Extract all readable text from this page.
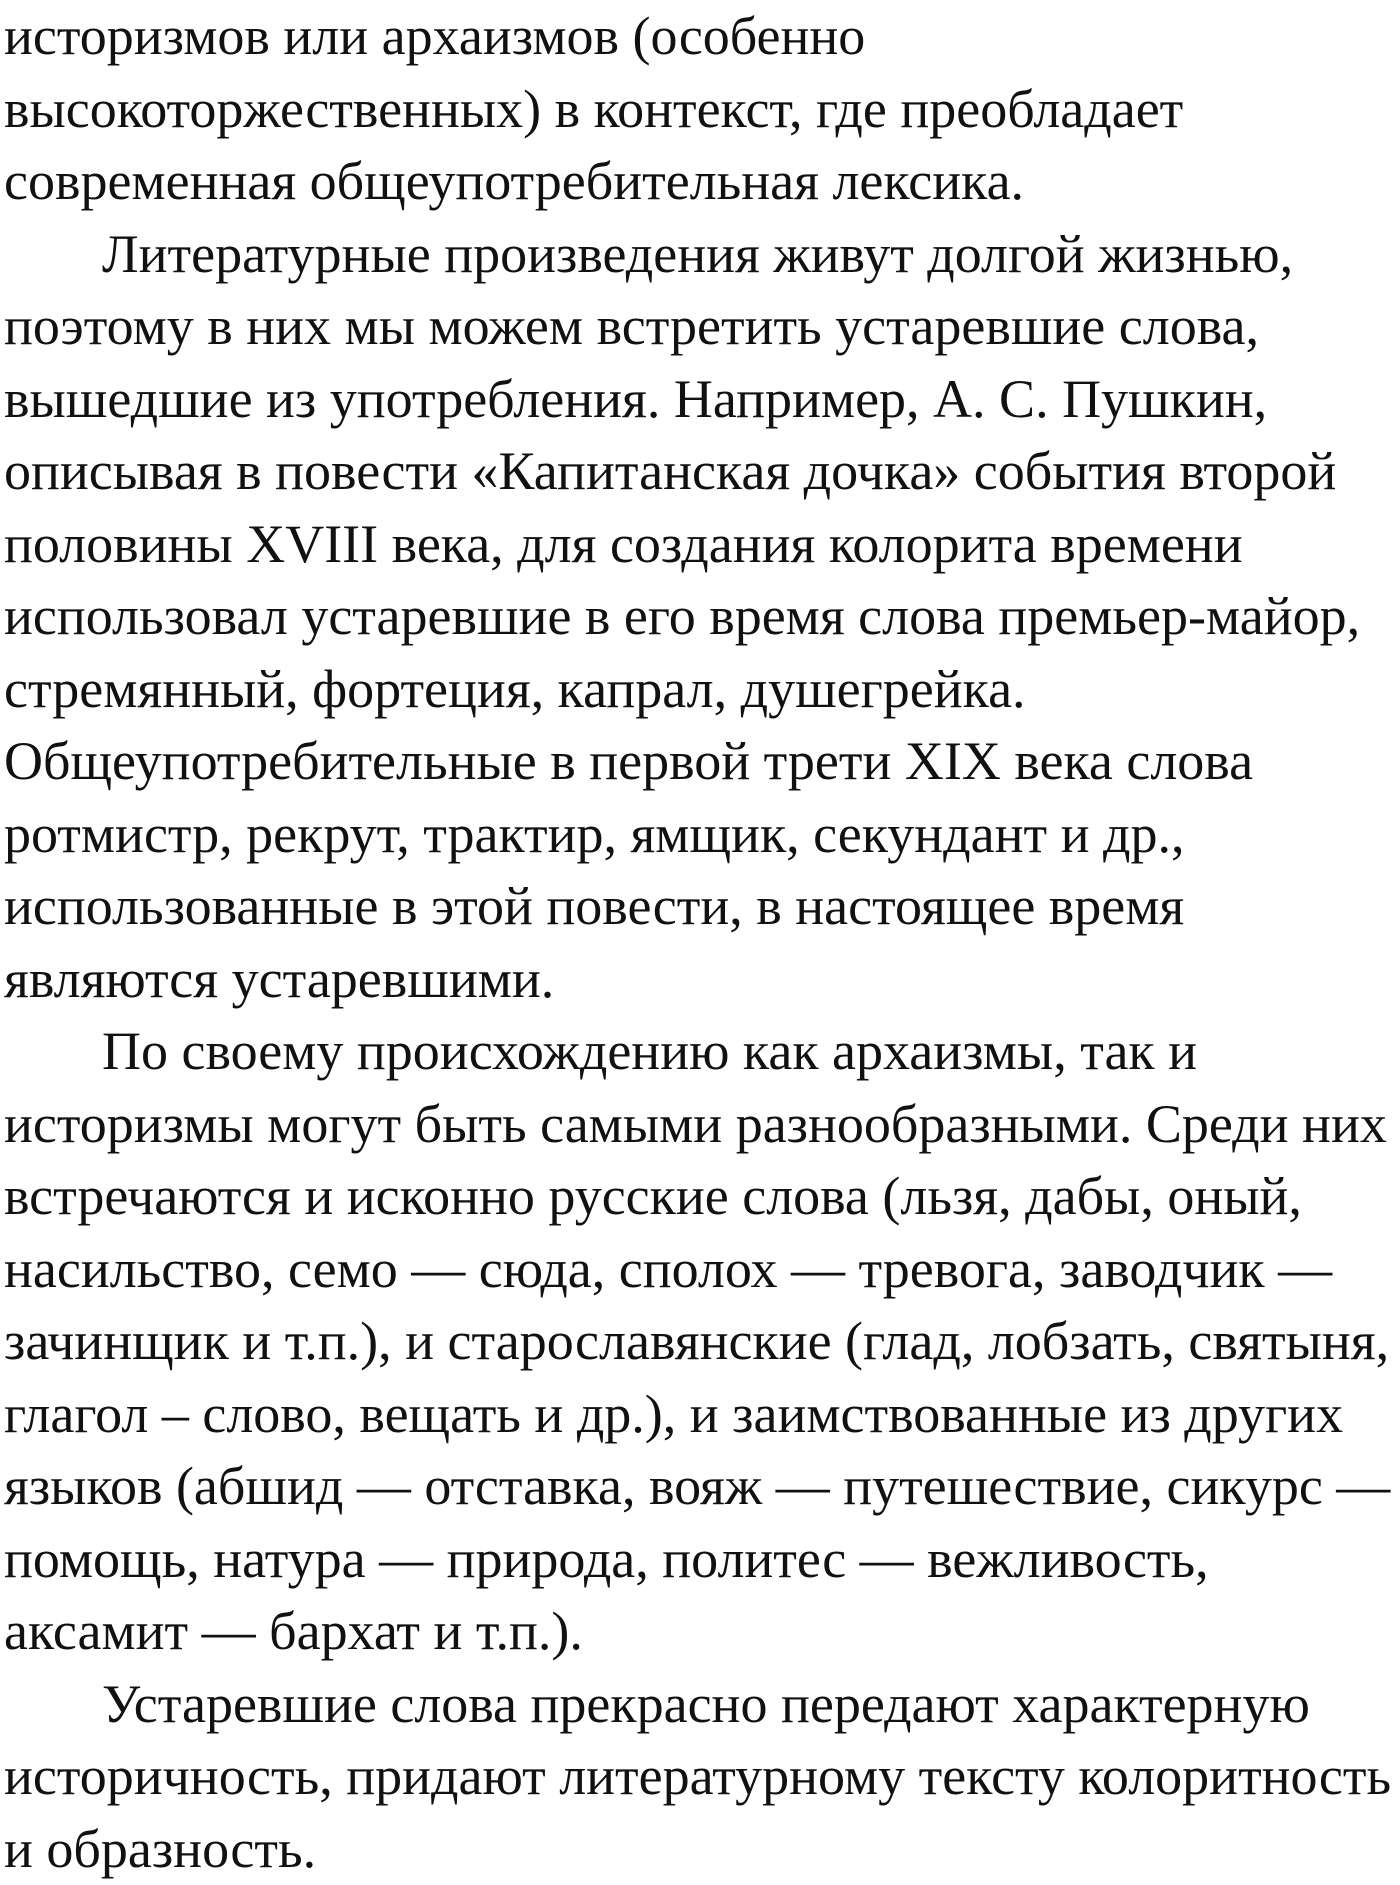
историзмов или архаизмов (особенно
высокоторжественных) в контекст, где преобладает
современная общеупотребительная лексика.
Литературные произведения живут долгой жизнью,
поэтому в них мы можем встретить устаревшие слова,
вышедшие из употребления. Например, А. С. Пушкин,
описывая в повести «Капитанская дочка» события второй
половины XVIII века, для создания колорита времени
использовал устаревшие в его время слова премьер-майор,
стремянный, фортеция, капрал, душегрейка.
Общеупотребительные в первой трети XIX века слова
ротмистр, рекрут, трактир, ямщик, секундант и др.,
использованные в этой повести, в настоящее время
являются устаревшими.
По своему происхождению как архаизмы, так и
историзмы могут быть самыми разнообразными. Среди них
встречаются и исконно русские слова (льзя, дабы, оный,
насильство, семо — сюда, сполох — тревога, заводчик —
зачинщик и т.п.), и старославянские (глад, лобзать, святыня,
глагол – слово, вещать и др.), и заимствованные из других
языков (абшид — отставка, вояж — путешествие, сикурс —
помощь, натура — природа, политес — вежливость,
аксамит — бархат и т.п.).
Устаревшие слова прекрасно передают характерную
историчность, придают литературному тексту колоритность
и образность.
